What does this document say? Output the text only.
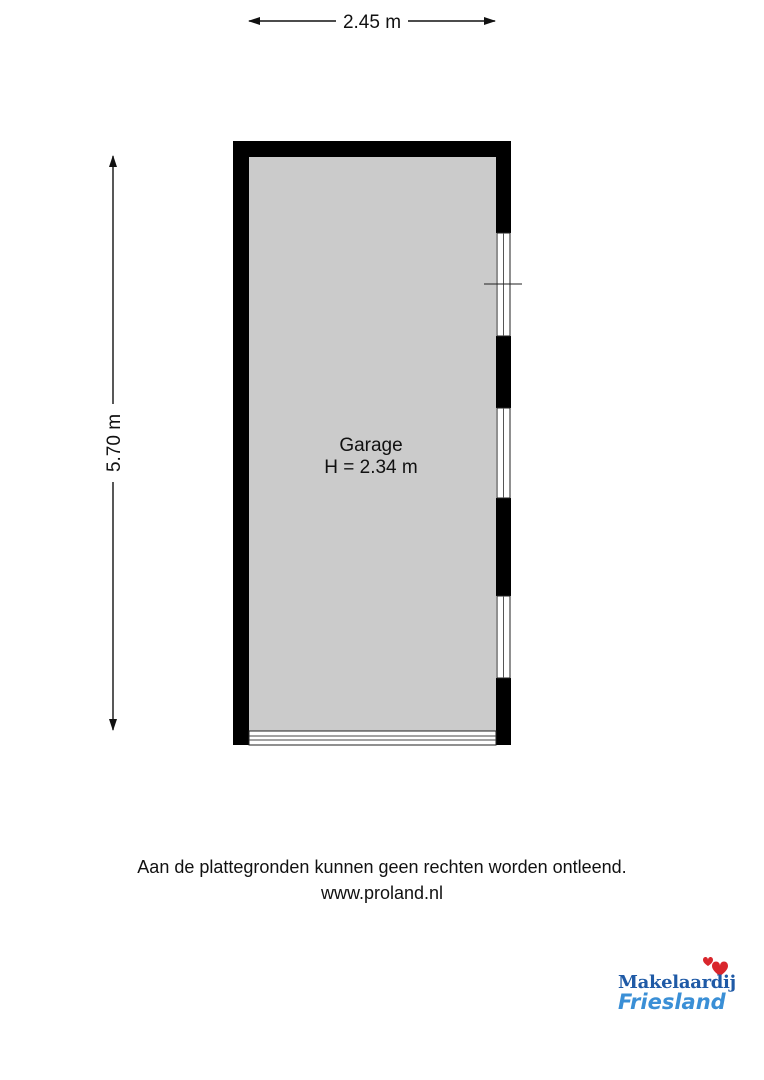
2.45 m
5.70 m	Garage
H = 2.34 m
Aan de plattegronden kunnen geen rechten worden ontleend.
www.proland.nl
Makelaardij
Friesland
